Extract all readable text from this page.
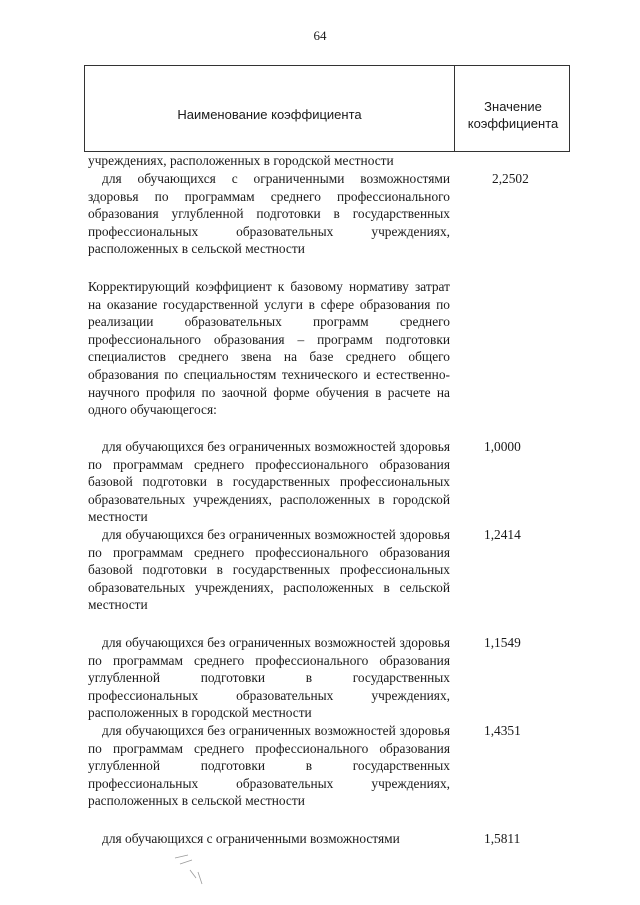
64
Наименование коэффициента
Значение коэффициента
учреждениях, расположенных в городской местности
для обучающихся с ограниченными возможностями здоровья по программам среднего профессионального образования углубленной подготовки в государственных профессиональных образовательных учреждениях, расположенных в сельской местности
2,2502
Корректирующий коэффициент к базовому нормативу затрат на оказание государственной услуги в сфере образования по реализации образовательных программ среднего профессионального образования – программ подготовки специалистов среднего звена на базе среднего общего образования по специальностям технического и естественно-научного профиля по заочной форме обучения в расчете на одного обучающегося:
для обучающихся без ограниченных возможностей здоровья по программам среднего профессионального образования базовой подготовки в государственных профессиональных образовательных учреждениях, расположенных в городской местности
1,0000
для обучающихся без ограниченных возможностей здоровья по программам среднего профессионального образования базовой подготовки в государственных профессиональных образовательных учреждениях, расположенных в сельской местности
1,2414
для обучающихся без ограниченных возможностей здоровья по программам среднего профессионального образования углубленной подготовки в государственных профессиональных образовательных учреждениях, расположенных в городской местности
1,1549
для обучающихся без ограниченных возможностей здоровья по программам среднего профессионального образования углубленной подготовки в государственных профессиональных образовательных учреждениях, расположенных в сельской местности
1,4351
для обучающихся с ограниченными возможностями	1,5811
